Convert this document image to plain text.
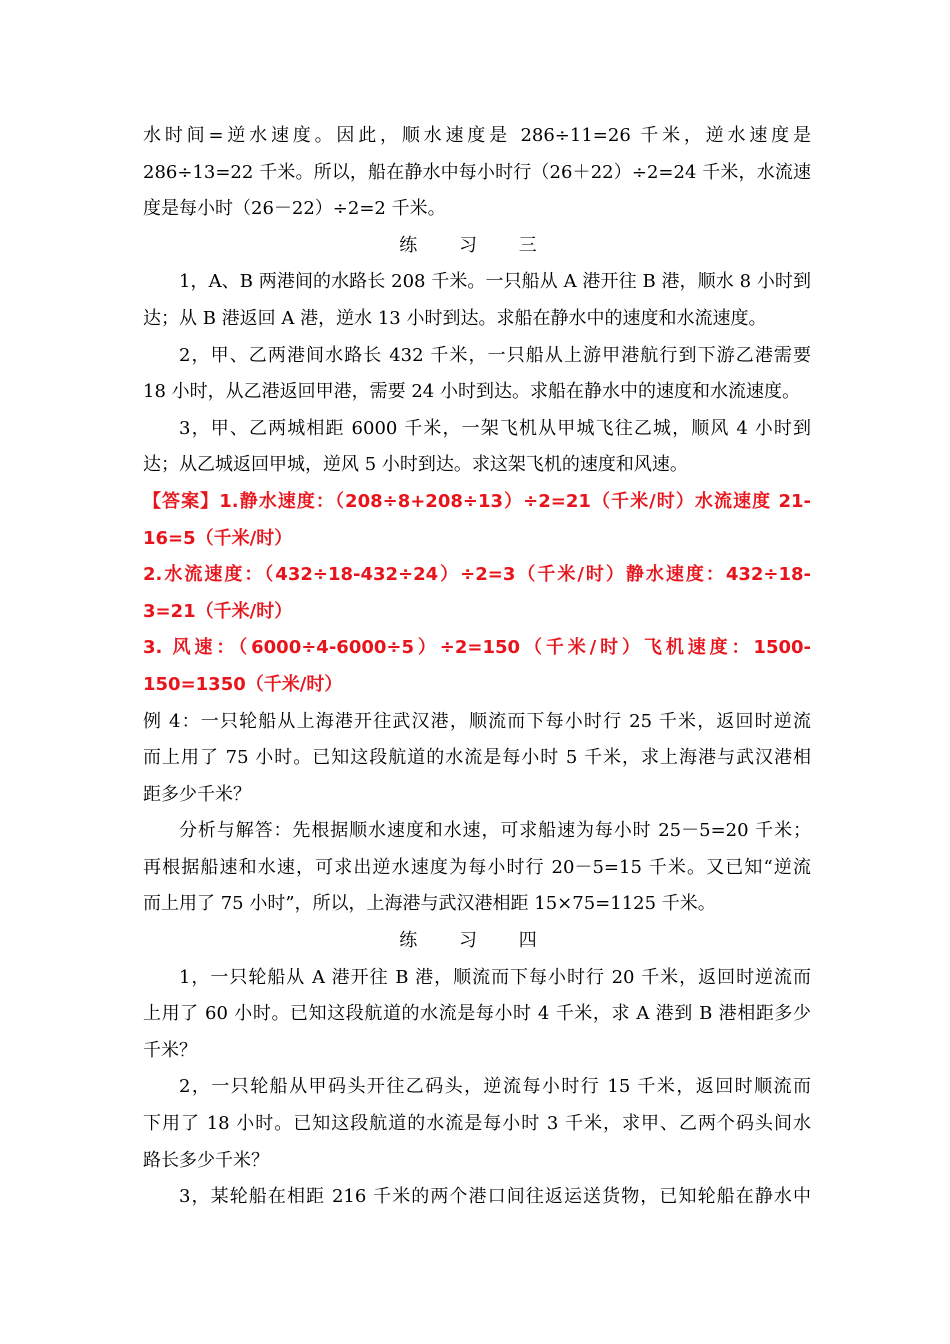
水时间=逆水速度。因此，顺水速度是 286÷11=26 千米，逆水速度是
286÷13=22 千米。所以，船在静水中每小时行（26＋22）÷2=24 千米，水流速
度是每小时（26－22）÷2=2 千米。
练 习 三
1，A、B 两港间的水路长 208 千米。一只船从 A 港开往 B 港，顺水 8 小时到
达；从 B 港返回 A 港，逆水 13 小时到达。求船在静水中的速度和水流速度。
2，甲、乙两港间水路长 432 千米，一只船从上游甲港航行到下游乙港需要
18 小时，从乙港返回甲港，需要 24 小时到达。求船在静水中的速度和水流速度。
3，甲、乙两城相距 6000 千米，一架飞机从甲城飞往乙城，顺风 4 小时到
达；从乙城返回甲城，逆风 5 小时到达。求这架飞机的速度和风速。
【答案】1.静水速度：（208÷8+208÷13）÷2=21（千米/时）水流速度 21-
16=5（千米/时）
2.水流速度：（432÷18-432÷24）÷2=3（千米/时）静水速度：432÷18-
3=21（千米/时）
3. 风速：（6000÷4-6000÷5）÷2=150（千米/时）飞机速度：1500-
150=1350（千米/时）
例 4：一只轮船从上海港开往武汉港，顺流而下每小时行 25 千米，返回时逆流
而上用了 75 小时。已知这段航道的水流是每小时 5 千米，求上海港与武汉港相
距多少千米？
分析与解答：先根据顺水速度和水速，可求船速为每小时 25－5=20 千米；
再根据船速和水速，可求出逆水速度为每小时行 20－5=15 千米。又已知“逆流
而上用了 75 小时”，所以，上海港与武汉港相距 15×75=1125 千米。
练 习 四
1，一只轮船从 A 港开往 B 港，顺流而下每小时行 20 千米，返回时逆流而
上用了 60 小时。已知这段航道的水流是每小时 4 千米，求 A 港到 B 港相距多少
千米？
2，一只轮船从甲码头开往乙码头，逆流每小时行 15 千米，返回时顺流而
下用了 18 小时。已知这段航道的水流是每小时 3 千米，求甲、乙两个码头间水
路长多少千米？
3，某轮船在相距 216 千米的两个港口间往返运送货物，已知轮船在静水中
